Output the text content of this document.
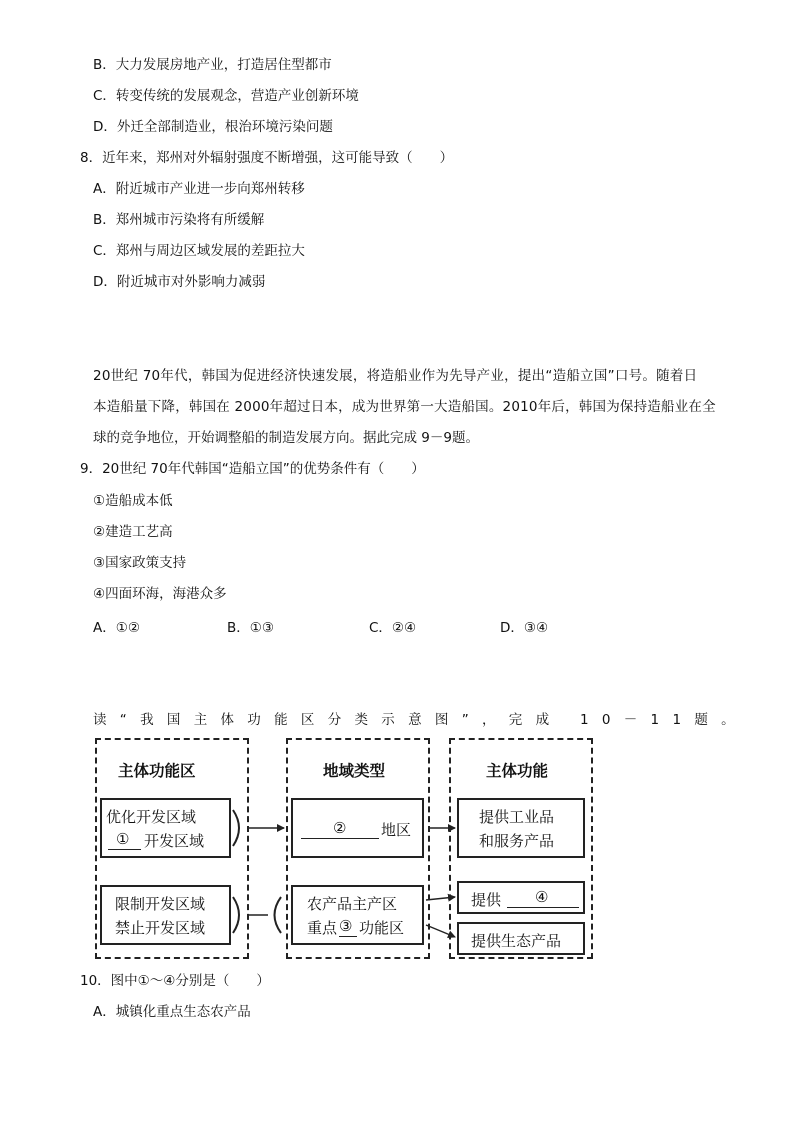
B．大力发展房地产业，打造居住型都市
C．转变传统的发展观念，营造产业创新环境
D．外迁全部制造业，根治环境污染问题
8．近年来，郑州对外辐射强度不断增强，这可能导致（　　）
A．附近城市产业进一步向郑州转移
B．郑州城市污染将有所缓解
C．郑州与周边区域发展的差距拉大
D．附近城市对外影响力减弱
20世纪 70年代，韩国为促进经济快速发展，将造船业作为先导产业，提出“造船立国”口号。随着日
本造船量下降，韩国在 2000年超过日本，成为世界第一大造船国。2010年后，韩国为保持造船业在全
球的竞争地位，开始调整船的制造发展方向。据此完成 9－9题。
9．20世纪 70年代韩国“造船立国”的优势条件有（　　）
①造船成本低
②建造工艺高
③国家政策支持
④四面环海，海港众多
A．①②	B．①③	C．②④	D．③④
读“我国主体功能区分类示意图”，完成 10－11题。
主体功能区	地域类型	主体功能
优化开发区域
① 开发区域
限制开发区域
禁止开发区域
② 地区
农产品主产区
重点 ③ 功能区
提供工业品
和服务产品
提供 ④
提供生态产品
10．图中①～④分别是（　　）
A．城镇化重点生态农产品
